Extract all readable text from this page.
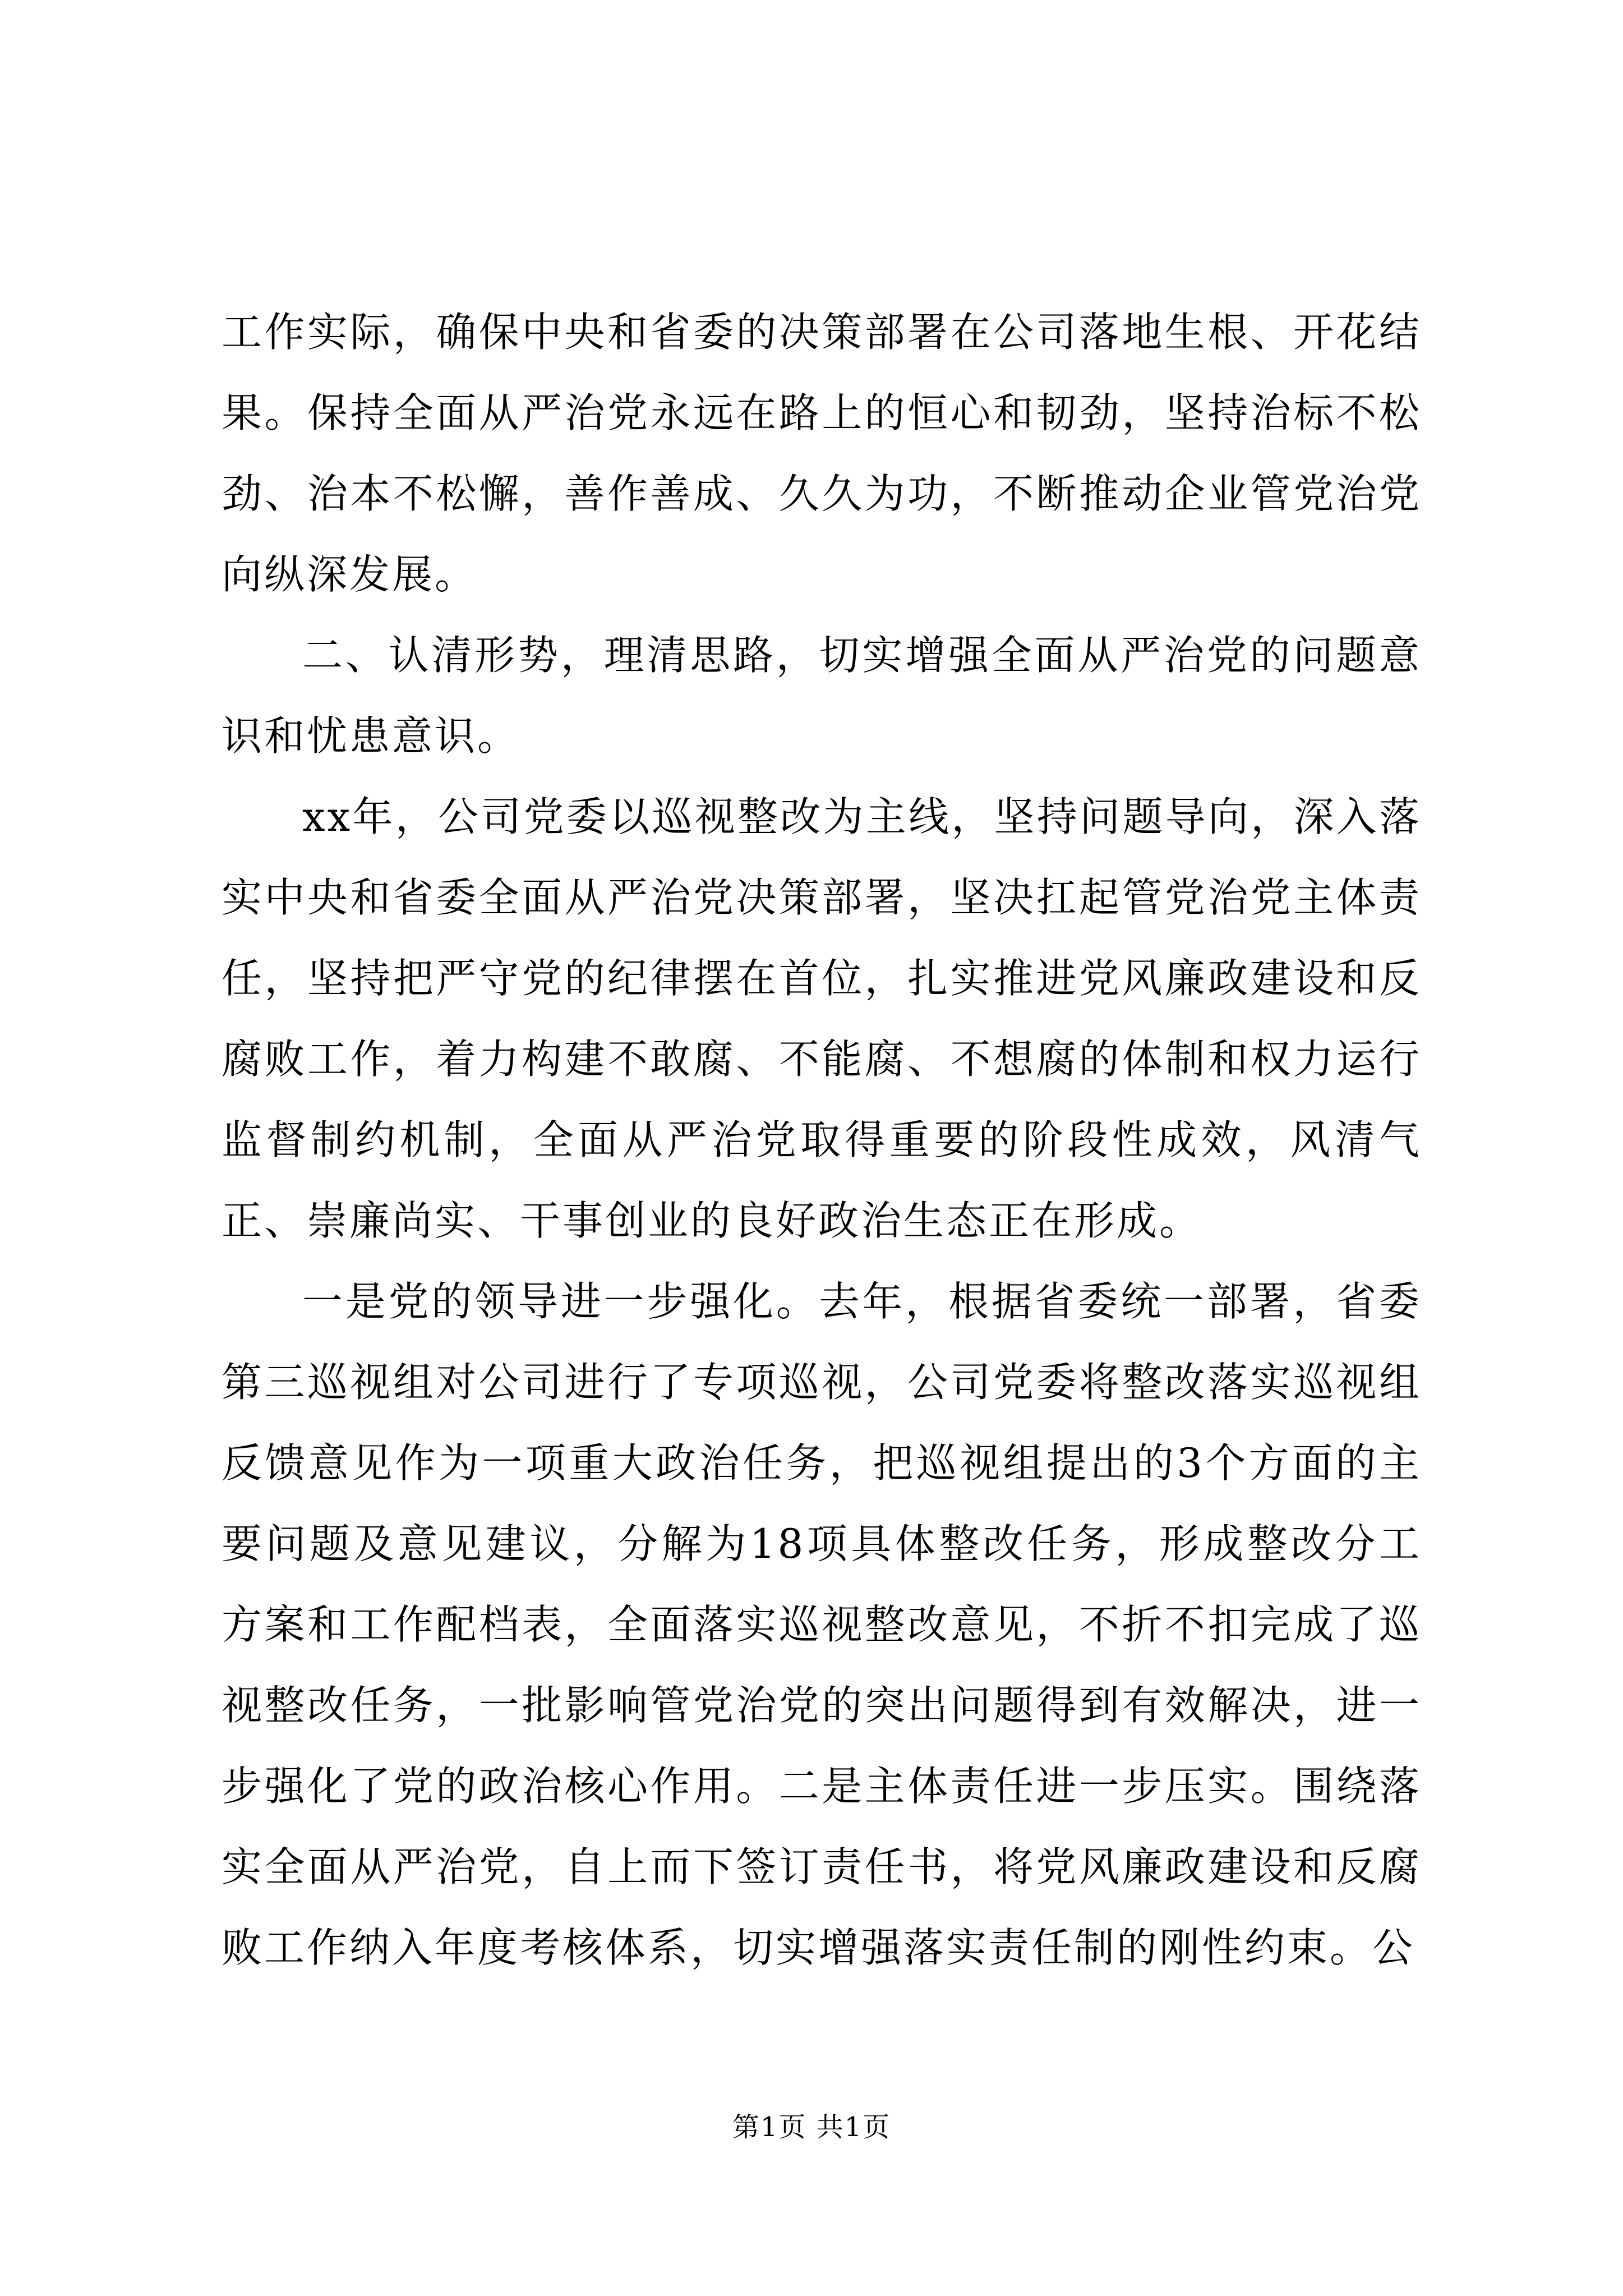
工作实际，确保中央和省委的决策部署在公司落地生根、开花结果。保持全面从严治党永远在路上的恒心和韧劲，坚持治标不松劲、治本不松懈，善作善成、久久为功，不断推动企业管党治党向纵深发展。

二、认清形势，理清思路，切实增强全面从严治党的问题意识和忧患意识。

xx年，公司党委以巡视整改为主线，坚持问题导向，深入落实中央和省委全面从严治党决策部署，坚决扛起管党治党主体责任，坚持把严守党的纪律摆在首位，扎实推进党风廉政建设和反腐败工作，着力构建不敢腐、不能腐、不想腐的体制和权力运行监督制约机制，全面从严治党取得重要的阶段性成效，风清气正、崇廉尚实、干事创业的良好政治生态正在形成。

一是党的领导进一步强化。去年，根据省委统一部署，省委第三巡视组对公司进行了专项巡视，公司党委将整改落实巡视组反馈意见作为一项重大政治任务，把巡视组提出的3个方面的主要问题及意见建议，分解为18项具体整改任务，形成整改分工方案和工作配档表，全面落实巡视整改意见，不折不扣完成了巡视整改任务，一批影响管党治党的突出问题得到有效解决，进一步强化了党的政治核心作用。二是主体责任进一步压实。围绕落实全面从严治党，自上而下签订责任书，将党风廉政建设和反腐败工作纳入年度考核体系，切实增强落实责任制的刚性约束。公

第1页 共1页
